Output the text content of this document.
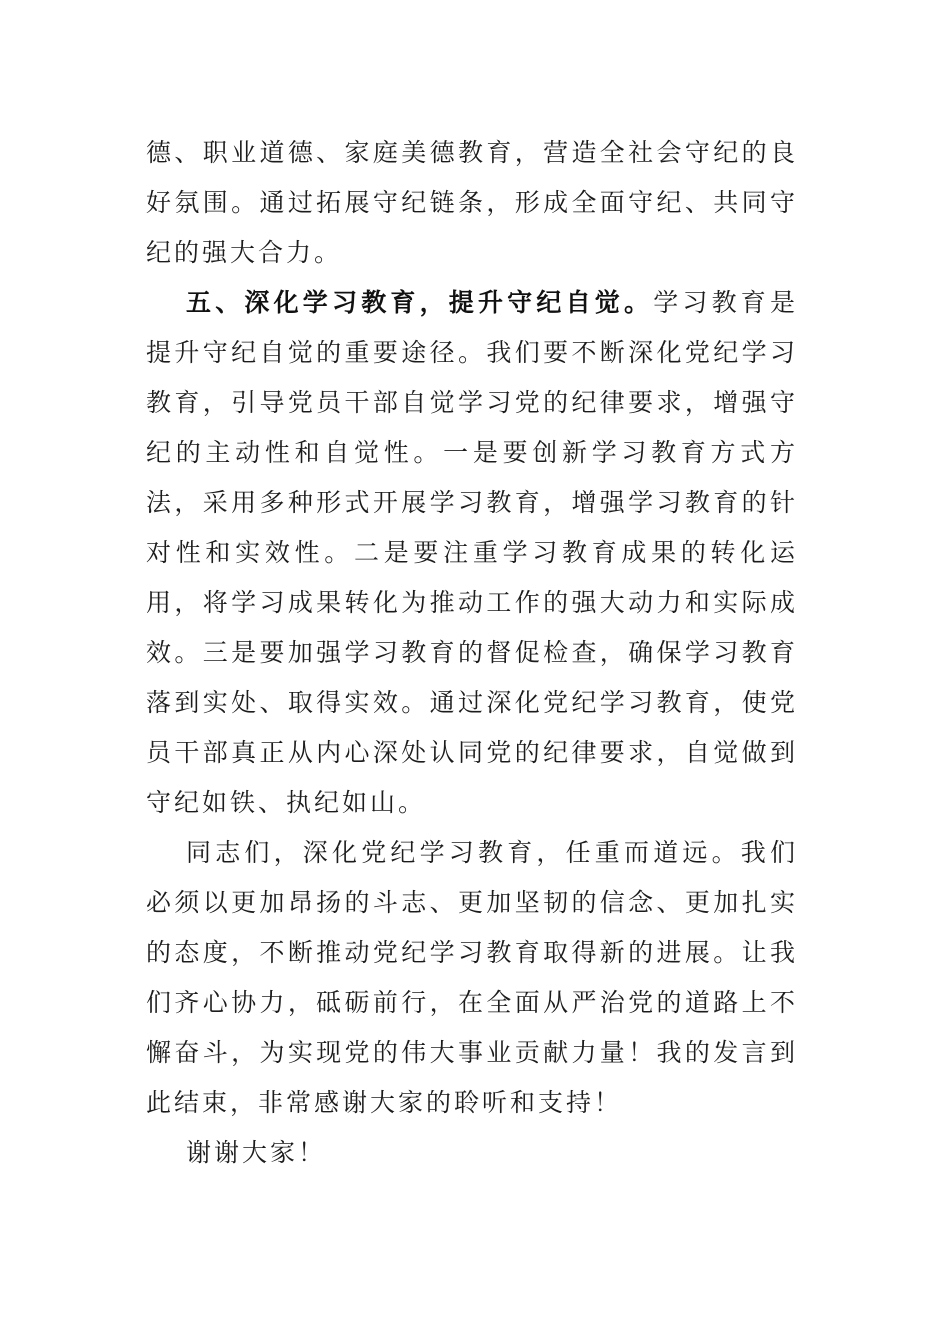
德、职业道德、家庭美德教育，营造全社会守纪的良好氛围。通过拓展守纪链条，形成全面守纪、共同守纪的强大合力。

五、深化学习教育，提升守纪自觉。学习教育是提升守纪自觉的重要途径。我们要不断深化党纪学习教育，引导党员干部自觉学习党的纪律要求，增强守纪的主动性和自觉性。一是要创新学习教育方式方法，采用多种形式开展学习教育，增强学习教育的针对性和实效性。二是要注重学习教育成果的转化运用，将学习成果转化为推动工作的强大动力和实际成效。三是要加强学习教育的督促检查，确保学习教育落到实处、取得实效。通过深化党纪学习教育，使党员干部真正从内心深处认同党的纪律要求，自觉做到守纪如铁、执纪如山。

同志们，深化党纪学习教育，任重而道远。我们必须以更加昂扬的斗志、更加坚韧的信念、更加扎实的态度，不断推动党纪学习教育取得新的进展。让我们齐心协力，砥砺前行，在全面从严治党的道路上不懈奋斗，为实现党的伟大事业贡献力量！我的发言到此结束，非常感谢大家的聆听和支持！

谢谢大家！
